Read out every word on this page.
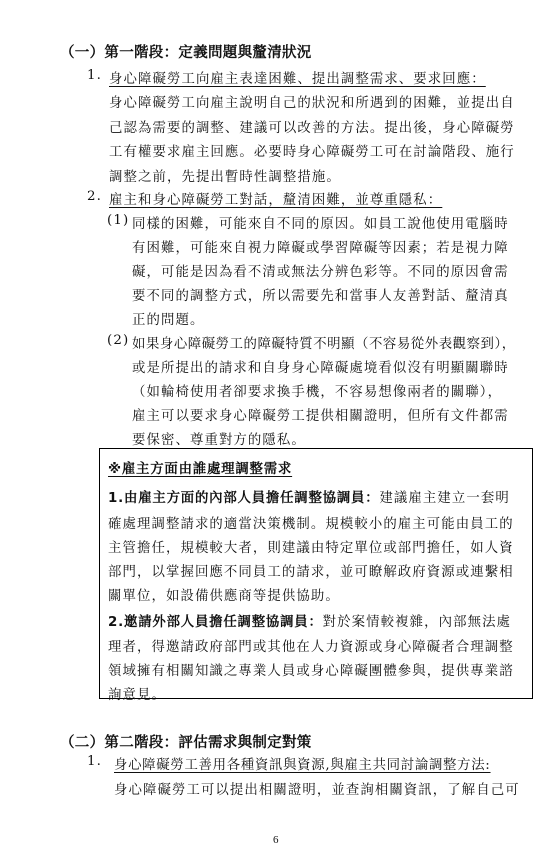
（一）第一階段：定義問題與釐清狀況
1. 身心障礙勞工向雇主表達困難、提出調整需求、要求回應：
身心障礙勞工向雇主說明自己的狀況和所遇到的困難，並提出自
己認為需要的調整、建議可以改善的方法。提出後，身心障礙勞
工有權要求雇主回應。必要時身心障礙勞工可在討論階段、施行
調整之前，先提出暫時性調整措施。
2. 雇主和身心障礙勞工對話，釐清困難，並尊重隱私：
(1) 同樣的困難，可能來自不同的原因。如員工說他使用電腦時
有困難，可能來自視力障礙或學習障礙等因素；若是視力障
礙，可能是因為看不清或無法分辨色彩等。不同的原因會需
要不同的調整方式，所以需要先和當事人友善對話、釐清真
正的問題。
(2) 如果身心障礙勞工的障礙特質不明顯（不容易從外表觀察到），
或是所提出的請求和自身身心障礙處境看似沒有明顯關聯時
（如輪椅使用者卻要求換手機，不容易想像兩者的關聯），
雇主可以要求身心障礙勞工提供相關證明，但所有文件都需
要保密、尊重對方的隱私。
※雇主方面由誰處理調整需求
1.由雇主方面的內部人員擔任調整協調員：建議雇主建立一套明
確處理調整請求的適當決策機制。規模較小的雇主可能由員工的
主管擔任，規模較大者，則建議由特定單位或部門擔任，如人資
部門，以掌握回應不同員工的請求，並可瞭解政府資源或連繫相
關單位，如設備供應商等提供協助。
2.邀請外部人員擔任調整協調員：對於案情較複雜，內部無法處
理者，得邀請政府部門或其他在人力資源或身心障礙者合理調整
領域擁有相關知識之專業人員或身心障礙團體參與，提供專業諮
詢意見。
（二）第二階段：評估需求與制定對策
1. 身心障礙勞工善用各種資訊與資源,與雇主共同討論調整方法:
身心障礙勞工可以提出相關證明，並查詢相關資訊，了解自己可
6
